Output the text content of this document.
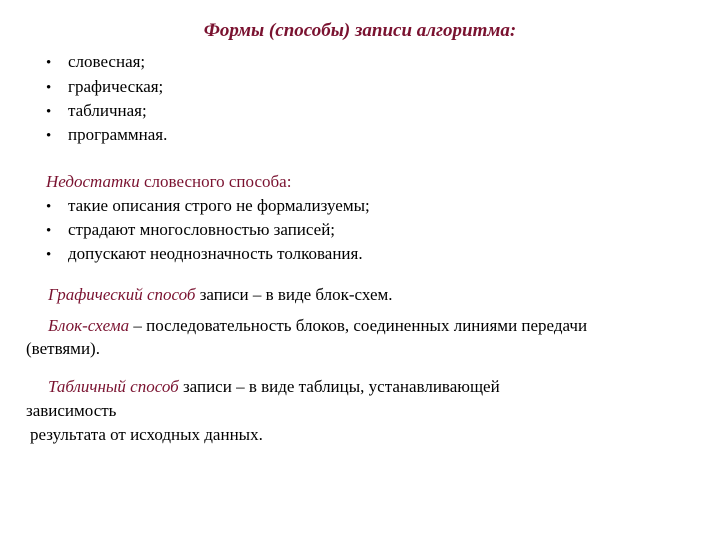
Формы (способы) записи алгоритма:
• словесная;
• графическая;
• табличная;
• программная.
Недостатки словесного способа:
• такие описания строго не формализуемы;
• страдают многословностью записей;
• допускают неоднозначность толкования.
Графический способ записи – в виде блок-схем.
Блок-схема – последовательность блоков, соединенных линиями передачи
(ветвями).
Табличный способ записи – в виде таблицы, устанавливающей
зависимость
результата от исходных данных.
